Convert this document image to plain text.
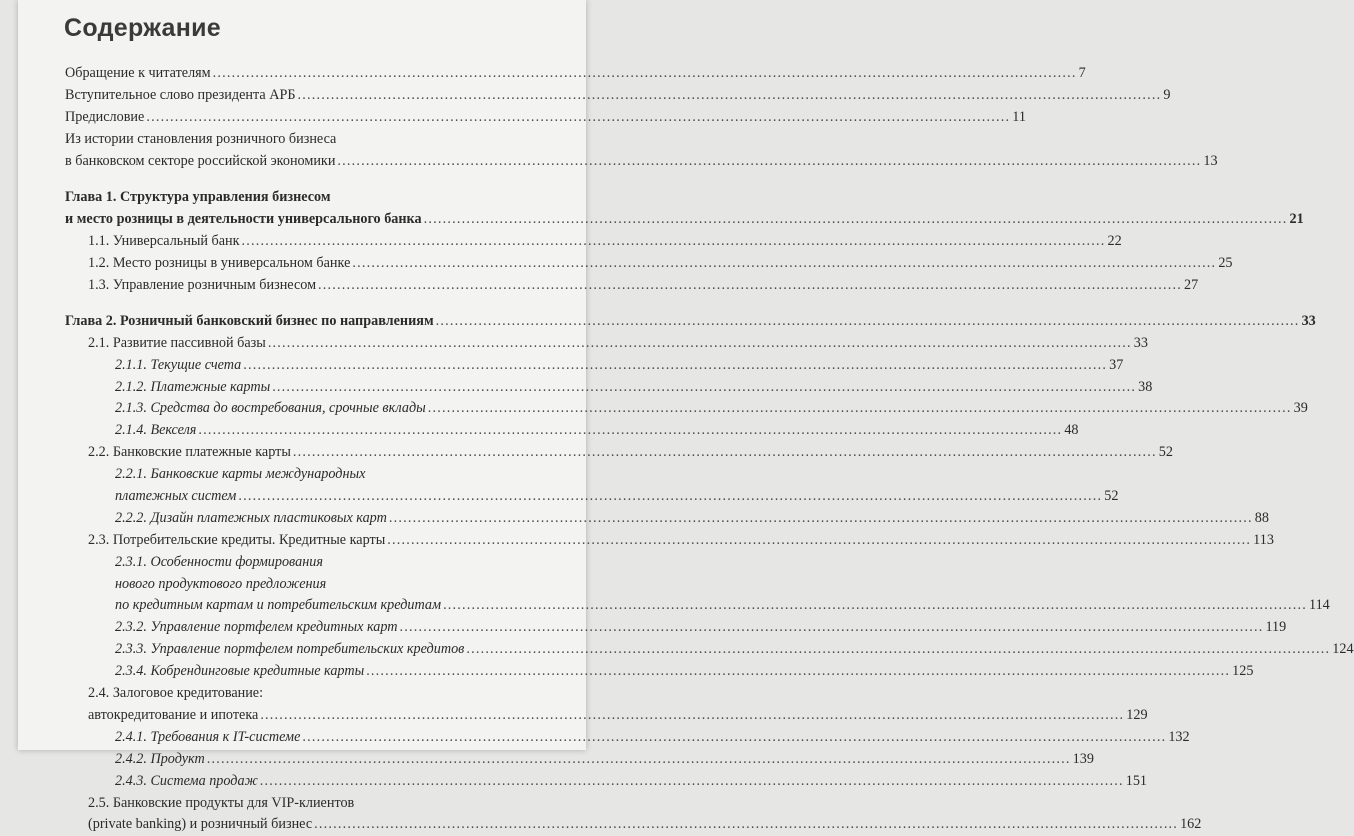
Содержание
Обращение к читателям .....	7
Вступительное слово президента АРБ .....	9
Предисловие .....	11
Из истории становления розничного бизнеса
в банковском секторе российской экономики .....	13
Глава 1. Структура управления бизнесом
и место розницы в деятельности универсального банка .....	21
1.1. Универсальный банк .....	22
1.2. Место розницы в универсальном банке .....	25
1.3. Управление розничным бизнесом .....	27
Глава 2. Розничный банковский бизнес по направлениям .....	33
2.1. Развитие пассивной базы .....	33
2.1.1. Текущие счета .....	37
2.1.2. Платежные карты .....	38
2.1.3. Средства до востребования, срочные вклады .....	39
2.1.4. Векселя .....	48
2.2. Банковские платежные карты .....	52
2.2.1. Банковские карты международных
платежных систем .....	52
2.2.2. Дизайн платежных пластиковых карт .....	88
2.3. Потребительские кредиты. Кредитные карты .....	113
2.3.1. Особенности формирования
нового продуктового предложения
по кредитным картам и потребительским кредитам .....	114
2.3.2. Управление портфелем кредитных карт .....	119
2.3.3. Управление портфелем потребительских кредитов .....	124
2.3.4. Кобрендинговые кредитные карты .....	125
2.4. Залоговое кредитование:
автокредитование и ипотека .....	129
2.4.1. Требования к IT-системе .....	132
2.4.2. Продукт .....	139
2.4.3. Система продаж .....	151
2.5. Банковские продукты для VIP-клиентов
(private banking) и розничный бизнес .....	162
